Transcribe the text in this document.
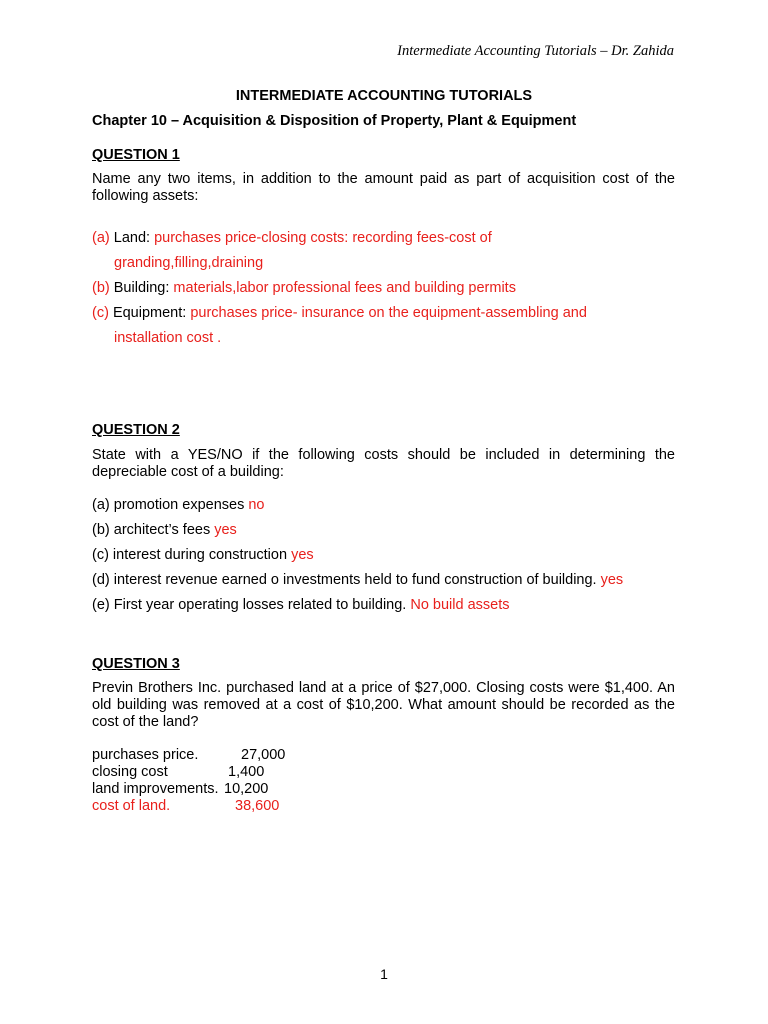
Intermediate Accounting Tutorials – Dr. Zahida
INTERMEDIATE ACCOUNTING TUTORIALS
Chapter 10 – Acquisition & Disposition of Property, Plant & Equipment
QUESTION 1
Name any two items, in addition to the amount paid as part of acquisition cost of the following assets:
(a) Land: purchases price-closing costs: recording fees-cost of
granding,filling,draining
(b) Building: materials,labor professional fees and building permits
(c) Equipment: purchases price- insurance on the equipment-assembling and
installation cost .
QUESTION 2
State with a YES/NO if the following costs should be included in determining the depreciable cost of a building:
(a) promotion expenses no
(b) architect’s fees yes
(c) interest during construction yes
(d) interest revenue earned o investments held to fund construction of building. yes
(e) First year operating losses related to building. No build assets
QUESTION 3
Previn Brothers Inc. purchased land at a price of $27,000. Closing costs were $1,400. An old building was removed at a cost of $10,200. What amount should be recorded as the cost of the land?
purchases price.	27,000
closing cost	1,400
land improvements. 10,200
cost of land.	38,600
1
